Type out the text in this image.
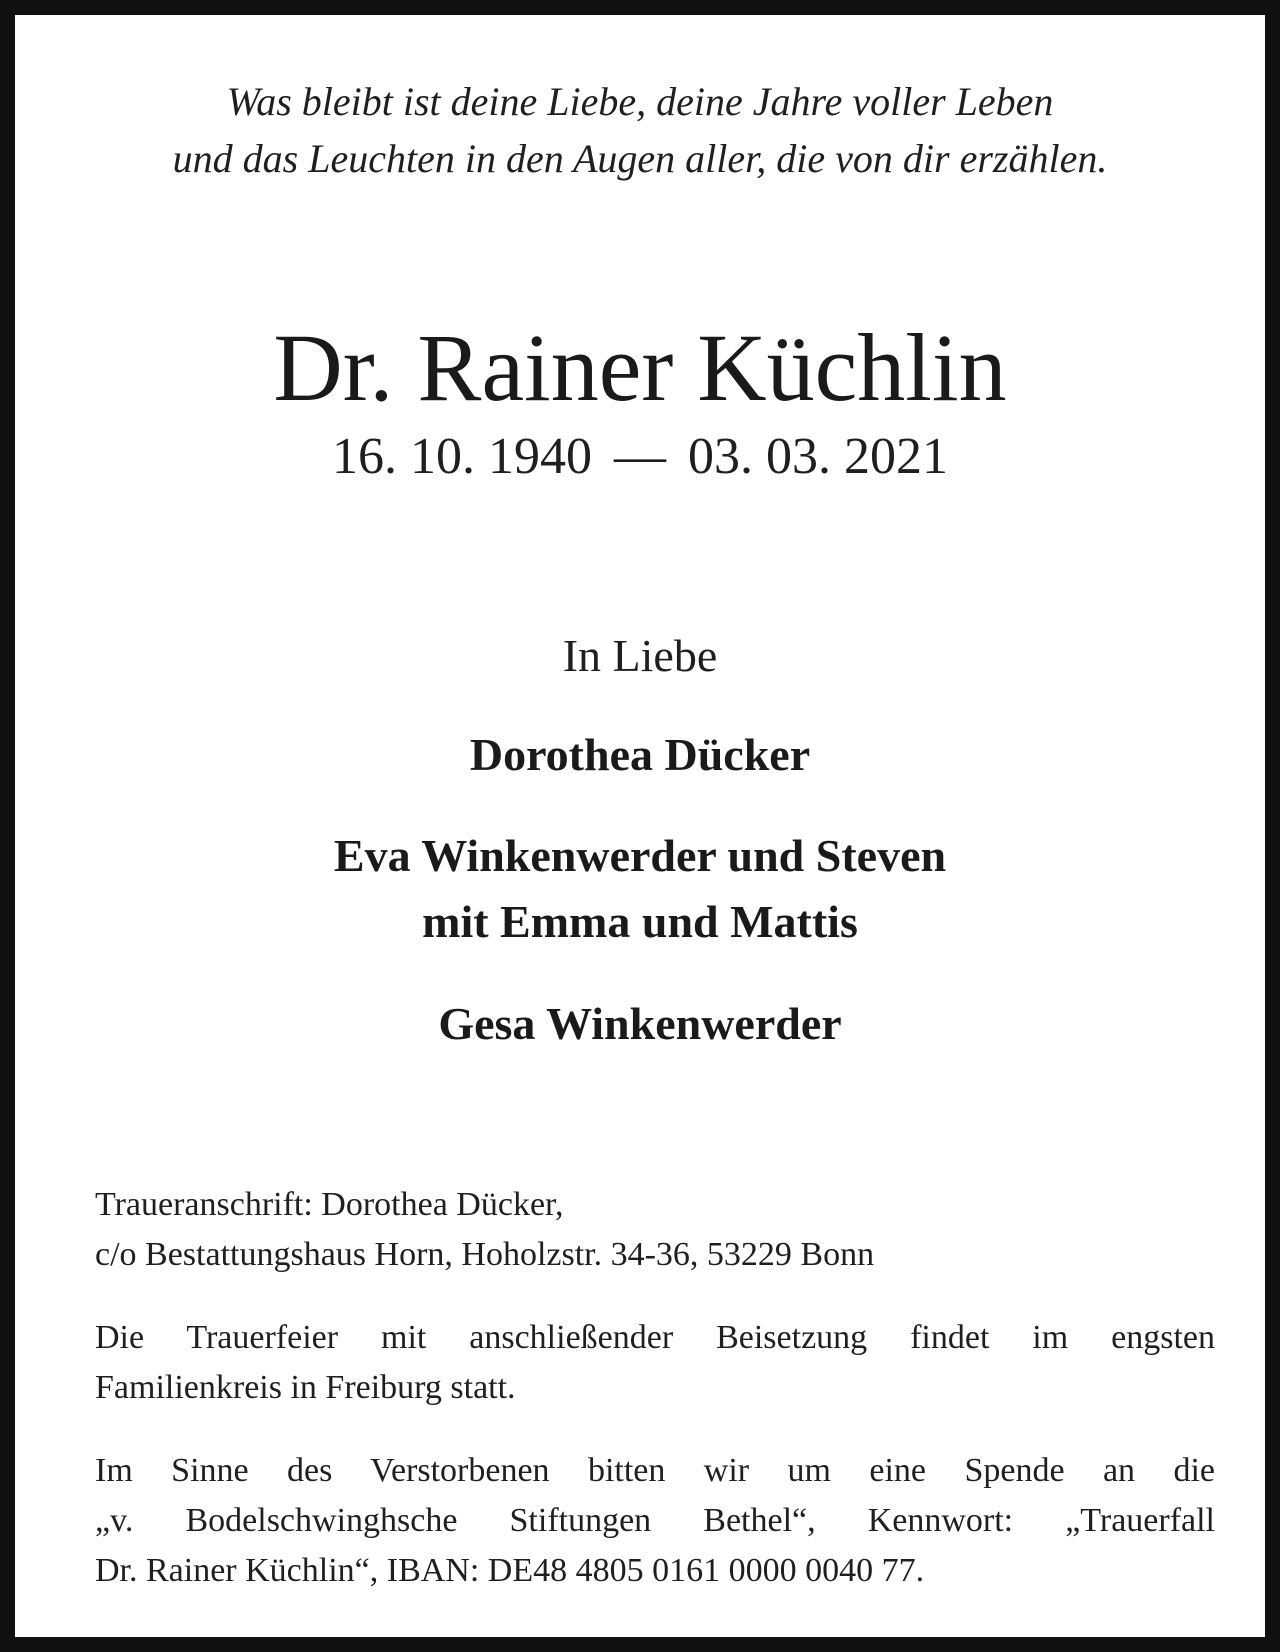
Was bleibt ist deine Liebe, deine Jahre voller Leben
und das Leuchten in den Augen aller, die von dir erzählen.
Dr. Rainer Küchlin
16. 10. 1940 — 03. 03. 2021
In Liebe
Dorothea Dücker
Eva Winkenwerder und Steven
mit Emma und Mattis
Gesa Winkenwerder
Traueranschrift: Dorothea Dücker,
c/o Bestattungshaus Horn, Hoholzstr. 34-36, 53229 Bonn
Die Trauerfeier mit anschließender Beisetzung findet im engsten
Familienkreis in Freiburg statt.
Im Sinne des Verstorbenen bitten wir um eine Spende an die
„v. Bodelschwinghsche Stiftungen Bethel“, Kennwort: „Trauerfall
Dr. Rainer Küchlin“, IBAN: DE48 4805 0161 0000 0040 77.
